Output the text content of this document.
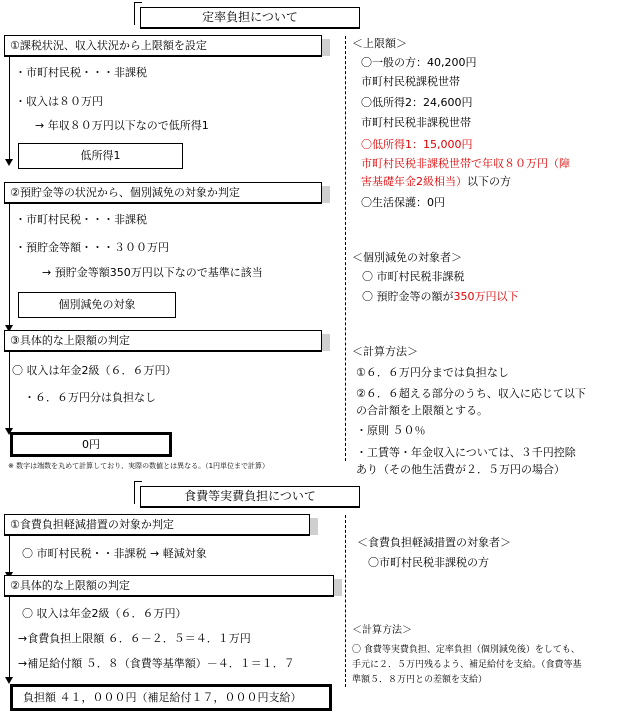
定率負担について
①課税状況、収入状況から上限額を設定
・市町村民税・・・非課税
・収入は８０万円
→ 年収８０万円以下なので低所得1
低所得1
②預貯金等の状況から、個別減免の対象か判定
・市町村民税・・・非課税
・預貯金等額・・・３００万円
→ 預貯金等額350万円以下なので基準に該当
個別減免の対象
③具体的な上限額の判定
〇 収入は年金2級（６．６万円）
・６．６万円分は負担なし
0円
※ 数字は端数を丸めて計算しており、実際の数値とは異なる。（1円単位まで計算）
＜上限額＞
〇一般の方：40,200円
市町村民税課税世帯
〇低所得2：24,600円
市町村民税非課税世帯
〇低所得1：15,000円
市町村民税非課税世帯で年収８０万円（障
害基礎年金2級相当）以下の方
〇生活保護：0円
＜個別減免の対象者＞
〇 市町村民税非課税
〇 預貯金等の額が350万円以下
＜計算方法＞
①６．６万円分までは負担なし
②６．６超える部分のうち、収入に応じて以下
の合計額を上限額とする。
・原則 ５０％
・工賃等・年金収入については、３千円控除
あり（その他生活費が２．５万円の場合）
食費等実費負担について
①食費負担軽減措置の対象か判定
〇 市町村民税・・非課税 → 軽減対象
②具体的な上限額の判定
〇 収入は年金2級（６．６万円）
→食費負担上限額 ６．６－２．５＝４．１万円
→補足給付額 ５．８（食費等基準額）－４．１＝１．７
負担額 ４１，０００円（補足給付１７，０００円支給）
＜食費負担軽減措置の対象者＞
〇市町村民税非課税の方
＜計算方法＞
〇 食費等実費負担、定率負担（個別減免後）をしても、
手元に２．５万円残るよう、補足給付を支給。（食費等基
準額５．８万円との差額を支給）
